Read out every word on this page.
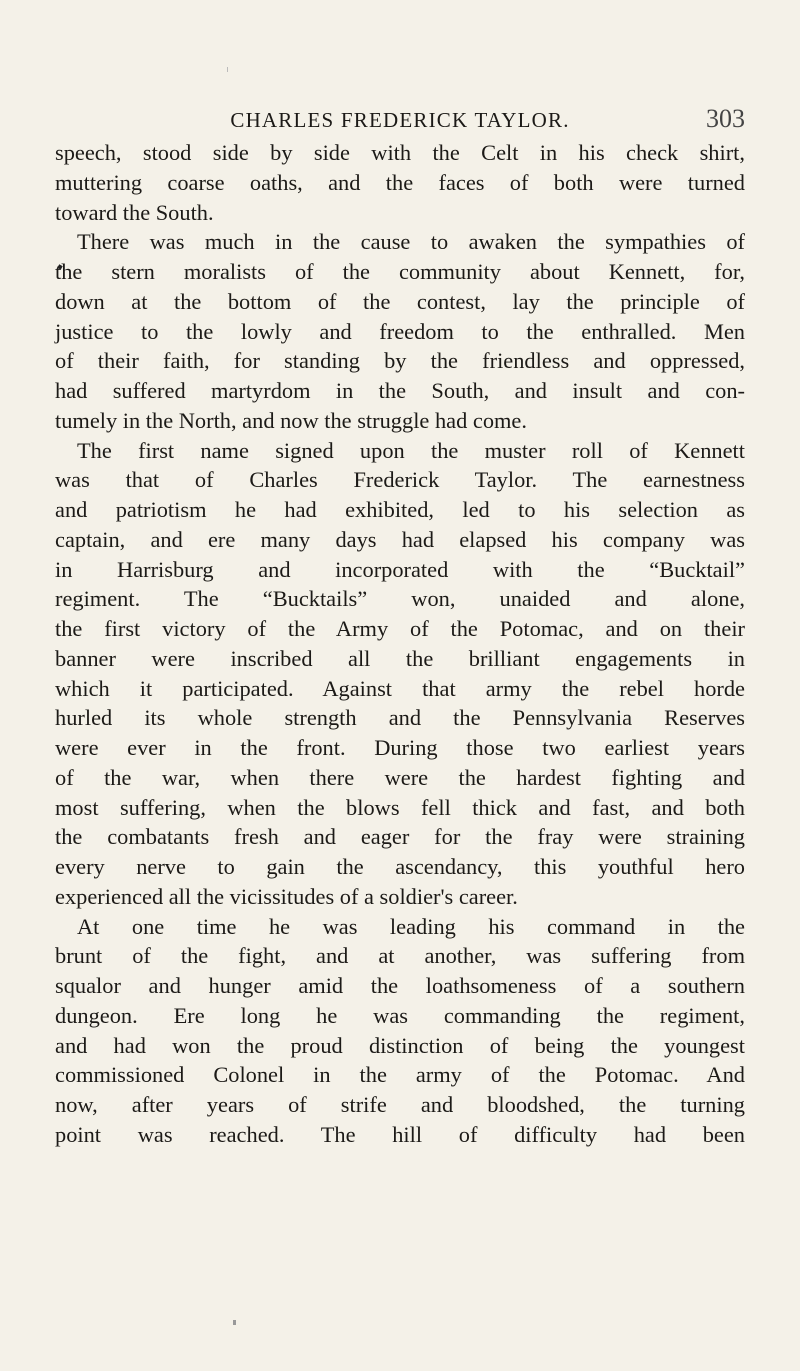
CHARLES FREDERICK TAYLOR.	303
speech, stood side by side with the Celt in his check shirt,
muttering coarse oaths, and the faces of both were turned
toward the South.
There was much in the cause to awaken the sympathies of
the stern moralists of the community about Kennett, for,
down at the bottom of the contest, lay the principle of
justice to the lowly and freedom to the enthralled. Men
of their faith, for standing by the friendless and oppressed,
had suffered martyrdom in the South, and insult and con-
tumely in the North, and now the struggle had come.
The first name signed upon the muster roll of Kennett
was that of Charles Frederick Taylor. The earnestness
and patriotism he had exhibited, led to his selection as
captain, and ere many days had elapsed his company was
in Harrisburg and incorporated with the “Bucktail”
regiment. The “Bucktails” won, unaided and alone,
the first victory of the Army of the Potomac, and on their
banner were inscribed all the brilliant engagements in
which it participated. Against that army the rebel horde
hurled its whole strength and the Pennsylvania Reserves
were ever in the front. During those two earliest years
of the war, when there were the hardest fighting and
most suffering, when the blows fell thick and fast, and both
the combatants fresh and eager for the fray were straining
every nerve to gain the ascendancy, this youthful hero
experienced all the vicissitudes of a soldier's career.
At one time he was leading his command in the
brunt of the fight, and at another, was suffering from
squalor and hunger amid the loathsomeness of a southern
dungeon. Ere long he was commanding the regiment,
and had won the proud distinction of being the youngest
commissioned Colonel in the army of the Potomac. And
now, after years of strife and bloodshed, the turning
point was reached. The hill of difficulty had been
